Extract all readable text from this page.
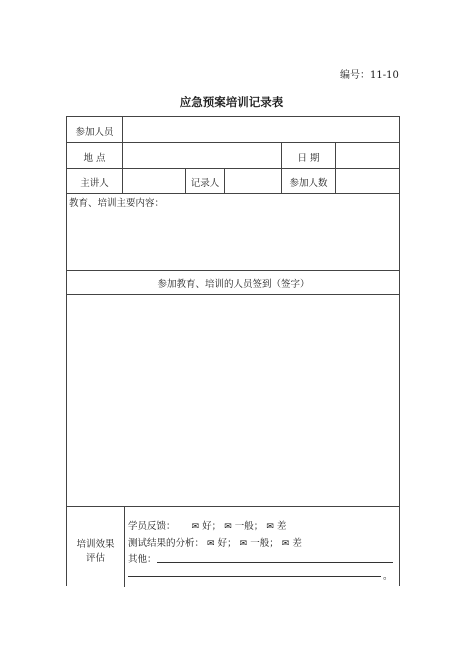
编号：11-10
应急预案培训记录表
参加人员
地 点	日 期
主讲人	记录人	参加人数
教育、培训主要内容：
参加教育、培训的人员签到（签字）
培训效果
评估
学员反馈： ✉ 好； ✉ 一般； ✉ 差
测试结果的分析： ✉ 好； ✉ 一般； ✉ 差
其他：
。
